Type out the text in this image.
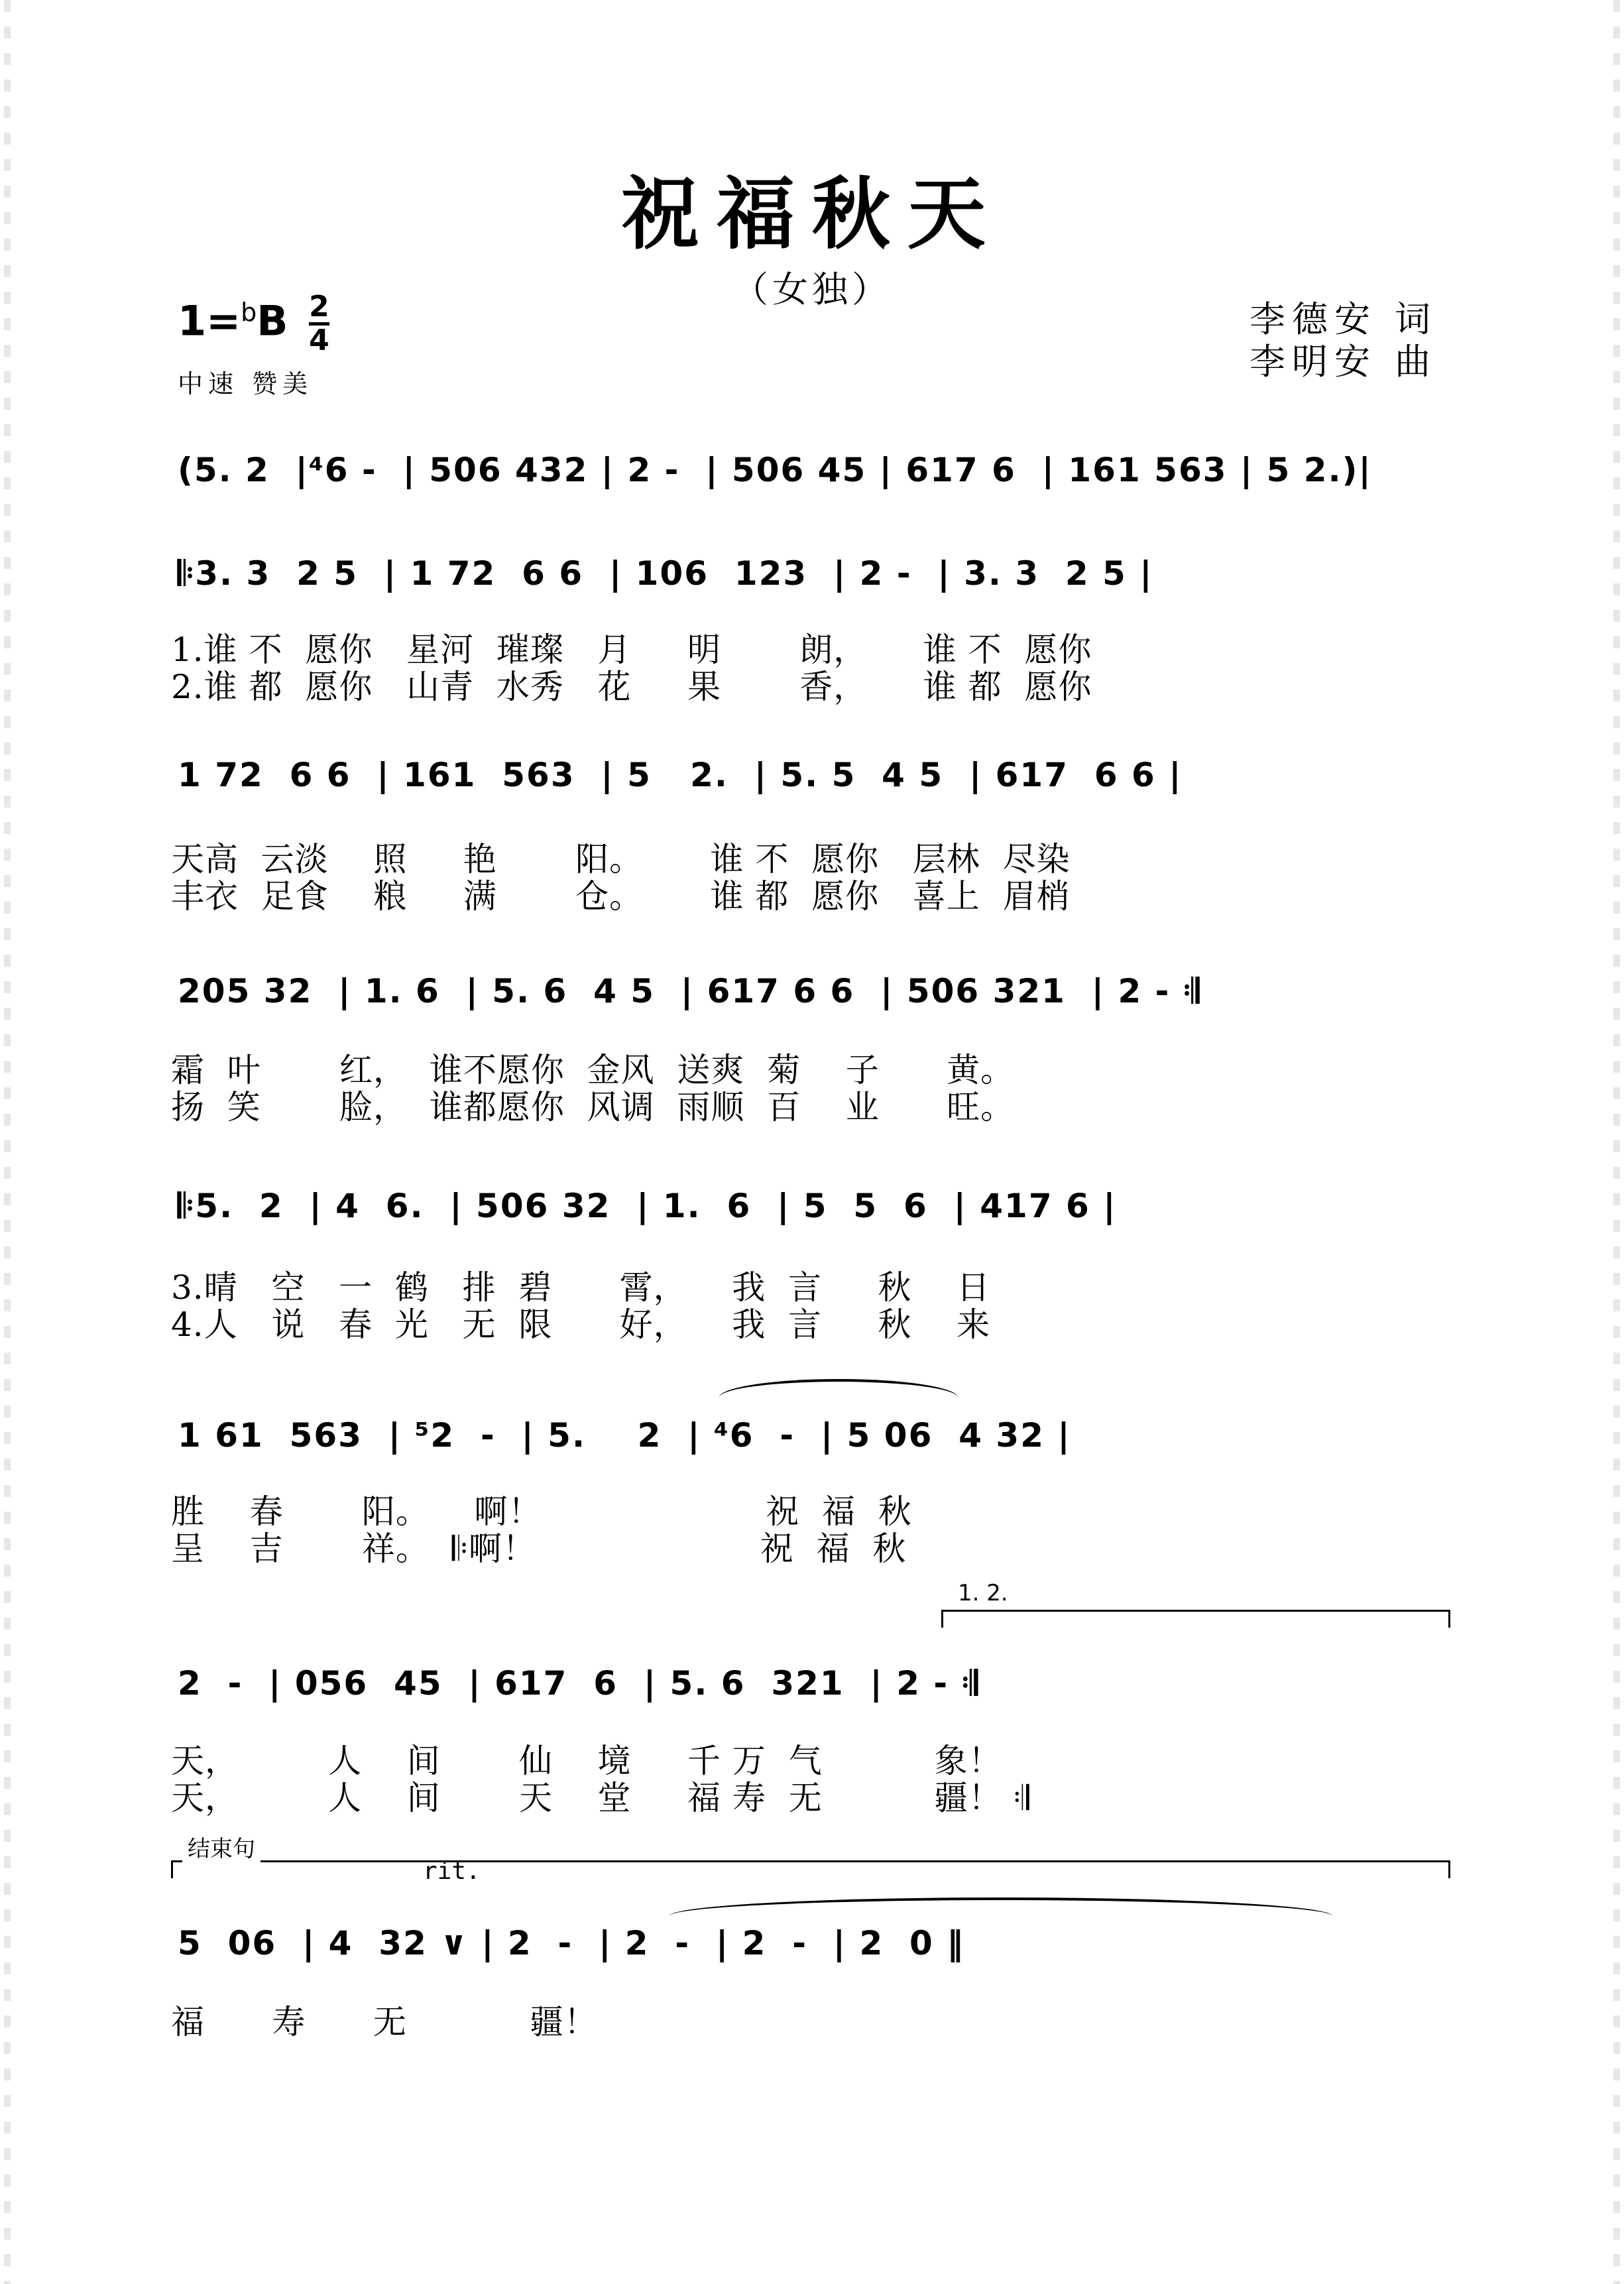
祝福秋天
（女独）
1=$^b$B 2
4
中速 赞美
李德安 词
李明安 曲
(5. 2  |⁴6 -  | 506 432 | 2 -  | 506 45 | 617 6  | 161 563 | 5 2.)|
𝄆3. 3  2 5  | 1 72  6 6  | 106  123  | 2 -  | 3. 3  2 5 |
1.谁 不  愿你   星河  璀璨   月     明       朗，     谁 不  愿你
2.谁 都  愿你   山青  水秀   花     果       香，     谁 都  愿你
1 72  6 6  | 161  563  | 5   2.  | 5. 5  4 5  | 617  6 6 |
天高  云淡    照     艳       阳。      谁 不  愿你   层林  尽染
丰衣  足食    粮     满       仓。      谁 都  愿你   喜上  眉梢
205 32  | 1. 6  | 5. 6  4 5  | 617 6 6  | 506 321  | 2 - 𝄇
霜  叶       红，  谁不愿你  金风  送爽  菊    子      黄。
扬  笑       脸，  谁都愿你  风调  雨顺  百    业      旺。
𝄆5.  2  | 4  6.  | 506 32  | 1.  6  | 5  5  6  | 417 6 |
3.晴   空   一  鹤   排  碧      霄，    我  言     秋    日
4.人   说   春  光   无  限      好，    我  言     秋    来
1 61  563  | ⁵2  -  | 5.    2  | ⁴6  -  | 5 06  4 32 |
胜    春       阳。    啊！                    祝  福  秋
呈    吉       祥。  𝄆啊！                    祝  福  秋
1. 2.
2  -  | 056  45  | 617  6  | 5. 6  321  | 2 - 𝄇
天，        人    间       仙    境     千 万  气          象！
天，        人    间       天    堂     福 寿  无          疆！ 𝄇
结束句
rit.
5  06  | 4  32 ∨ | 2  -  | 2  -  | 2  -  | 2  0 ‖
福      寿      无           疆！
